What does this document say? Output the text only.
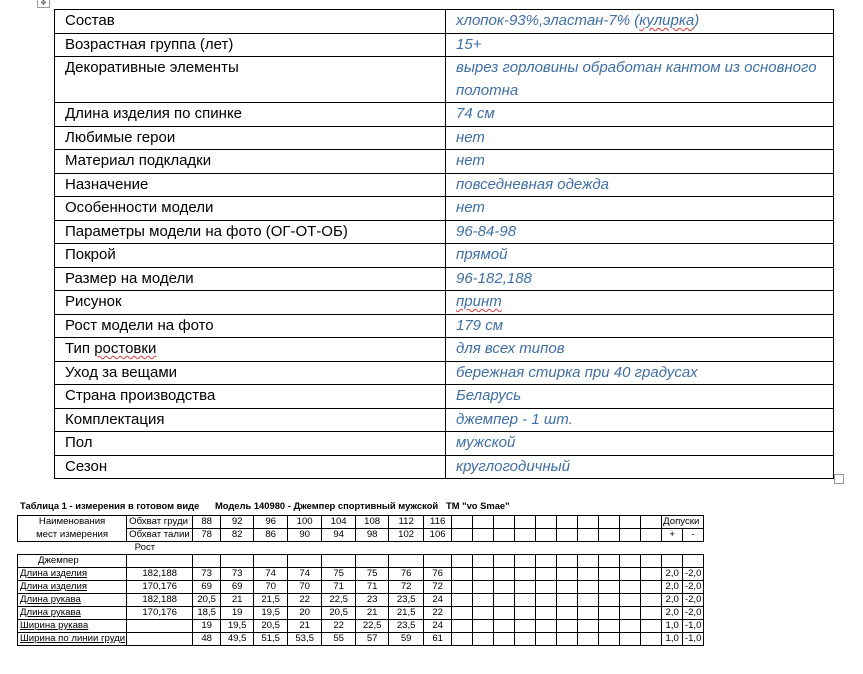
✥
Состав	хлопок-93%,эластан-7% (кулирка)
Возрастная группа (лет)	15+
Декоративные элементы	вырез горловины обработан кантом из основного полотна
Длина изделия по спинке	74 см
Любимые герои	нет
Материал подкладки	нет
Назначение	повседневная одежда
Особенности модели	нет
Параметры модели на фото (ОГ-ОТ-ОБ)	96-84-98
Покрой	прямой
Размер на модели	96-182,188
Рисунок	принт
Рост модели на фото	179 см
Тип ростовки	для всех типов
Уход за вещами	бережная стирка при 40 градусах
Страна производства	Беларусь
Комплектация	джемпер - 1 шт.
Пол	мужской
Сезон	круглогодичный
Таблица 1 - измерения в готовом виде      Модель 140980 - Джемпер спортивный мужской   ТМ "vo Smae"
Наименования	Обхват груди	88	92	96	100	104	108	112	116											Допуски	
мест измерения	Обхват талии	78	82	86	90	94	98	102	106											+	-
	Рост																				
Джемпер																					
Длина изделия	182,188	73	73	74	74	75	75	76	76											2,0	-2,0
Длина изделия	170,176	69	69	70	70	71	71	72	72											2,0	-2,0
Длина рукава	182,188	20,5	21	21,5	22	22,5	23	23,5	24											2,0	-2,0
Длина рукава	170,176	18,5	19	19,5	20	20,5	21	21,5	22											2,0	-2,0
Ширина рукава		19	19,5	20,5	21	22	22,5	23,5	24											1,0	-1,0
Ширина по линии груди		48	49,5	51,5	53,5	55	57	59	61											1,0	-1,0
